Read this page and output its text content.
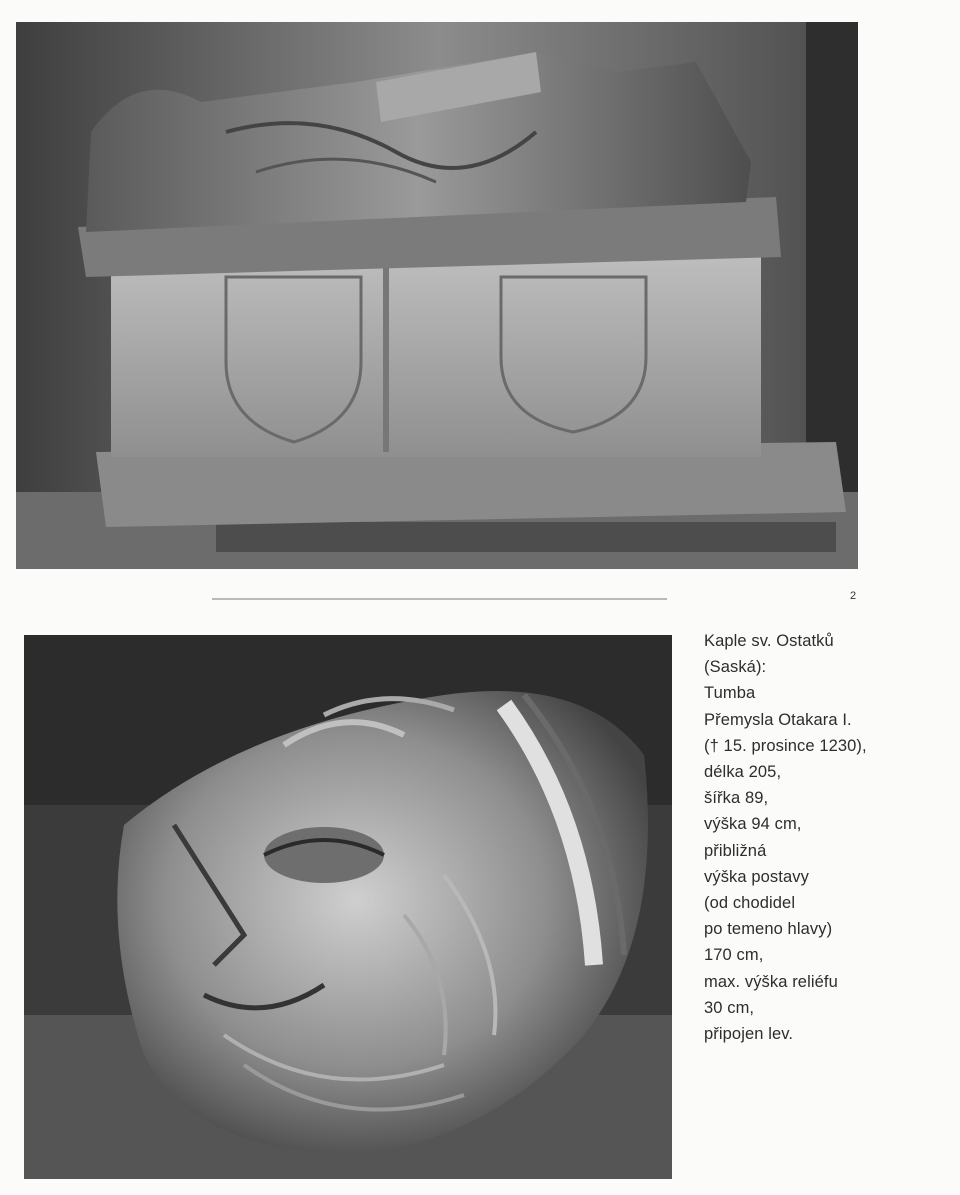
2
Kaple sv. Ostatků
(Saská):
Tumba
Přemysla Otakara I.
(† 15. prosince 1230),
délka 205,
šířka 89,
výška 94 cm,
přibližná
výška postavy
(od chodidel
po temeno hlavy)
170 cm,
max. výška reliéfu
30 cm,
připojen lev.
